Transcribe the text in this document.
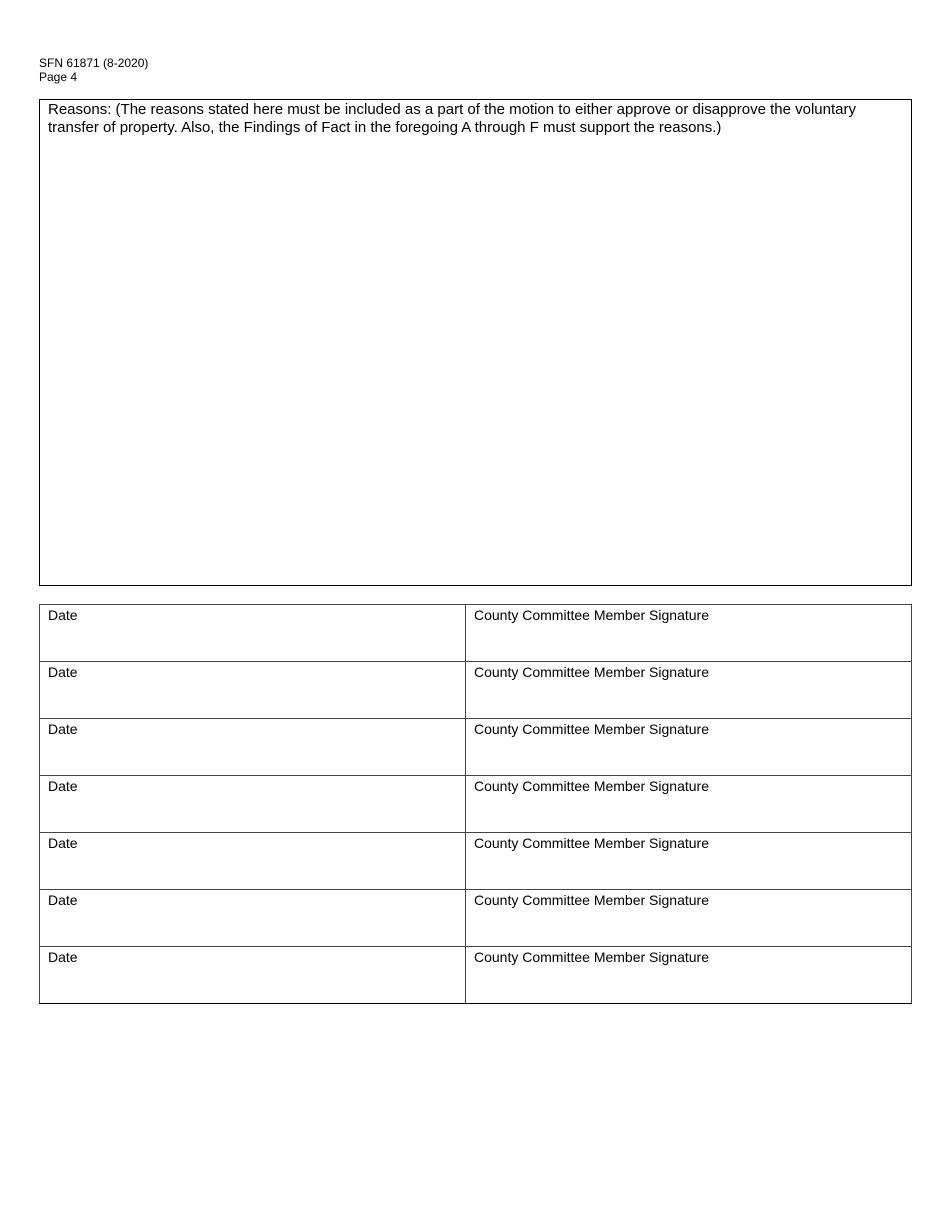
SFN 61871 (8-2020)
Page 4
Reasons: (The reasons stated here must be included as a part of the motion to either approve or disapprove the voluntary transfer of property. Also, the Findings of Fact in the foregoing A through F must support the reasons.)
Date	County Committee Member Signature

Date	County Committee Member Signature

Date	County Committee Member Signature

Date	County Committee Member Signature

Date	County Committee Member Signature

Date	County Committee Member Signature

Date	County Committee Member Signature
